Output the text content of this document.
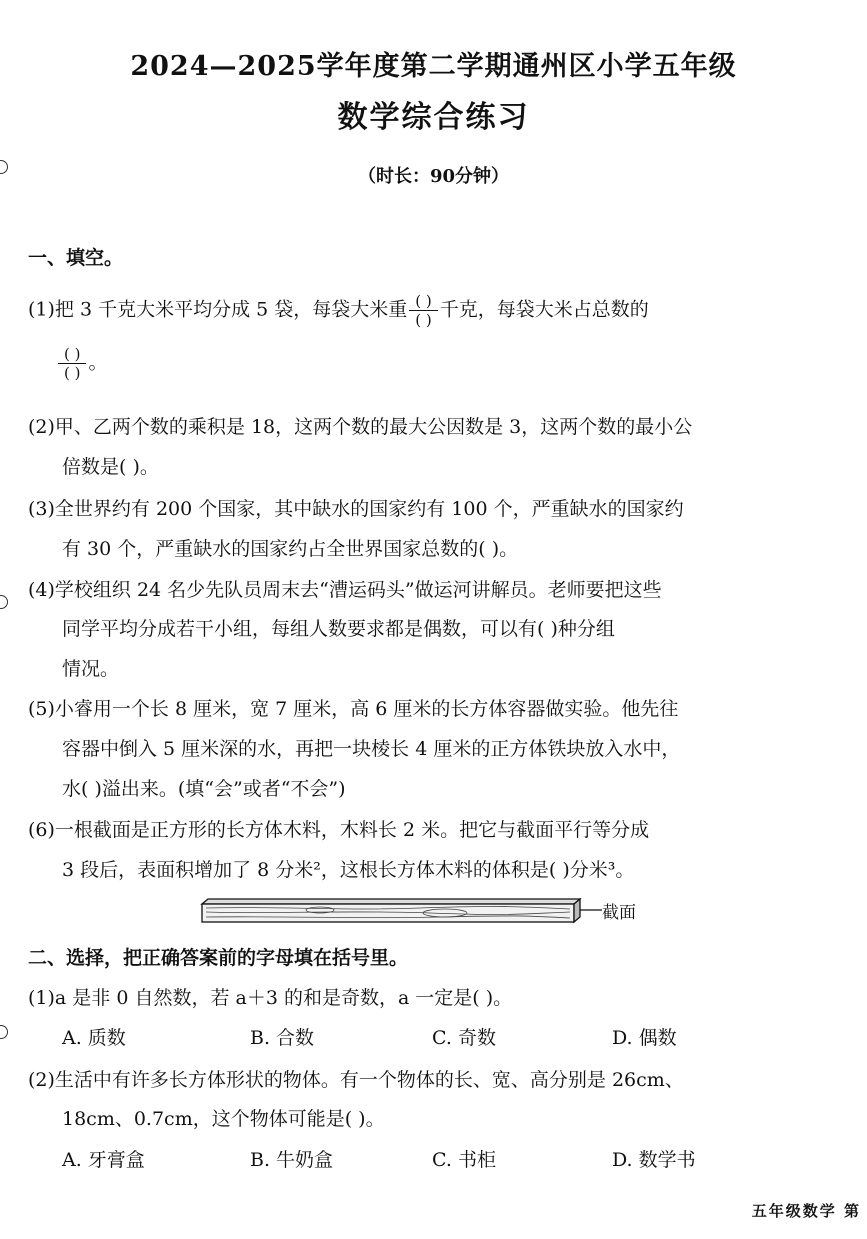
2024—2025学年度第二学期通州区小学五年级
数学综合练习
（时长：90分钟）
一、填空。
(1)把 3 千克大米平均分成 5 袋，每袋大米重 $\frac{( )}{( )}$ 千克，每袋大米占总数的
$\frac{( )}{( )}$ 。
(2)甲、乙两个数的乘积是 18，这两个数的最大公因数是 3，这两个数的最小公
倍数是( )。
(3)全世界约有 200 个国家，其中缺水的国家约有 100 个，严重缺水的国家约
有 30 个，严重缺水的国家约占全世界国家总数的( )。
(4)学校组织 24 名少先队员周末去“漕运码头”做运河讲解员。老师要把这些
同学平均分成若干小组，每组人数要求都是偶数，可以有( )种分组
情况。
(5)小睿用一个长 8 厘米，宽 7 厘米，高 6 厘米的长方体容器做实验。他先往
容器中倒入 5 厘米深的水，再把一块棱长 4 厘米的正方体铁块放入水中，
水( )溢出来。(填“会”或者“不会”)
(6)一根截面是正方形的长方体木料，木料长 2 米。把它与截面平行等分成
3 段后，表面积增加了 8 分米²，这根长方体木料的体积是( )分米³。
截面
二、选择，把正确答案前的字母填在括号里。
(1)a 是非 0 自然数，若 a＋3 的和是奇数，a 一定是( )。
A. 质数	B. 合数	C. 奇数	D. 偶数
(2)生活中有许多长方体形状的物体。有一个物体的长、宽、高分别是 26cm、
18cm、0.7cm，这个物体可能是( )。
A. 牙膏盒	B. 牛奶盒	C. 书柜	D. 数学书
五年级数学 第
